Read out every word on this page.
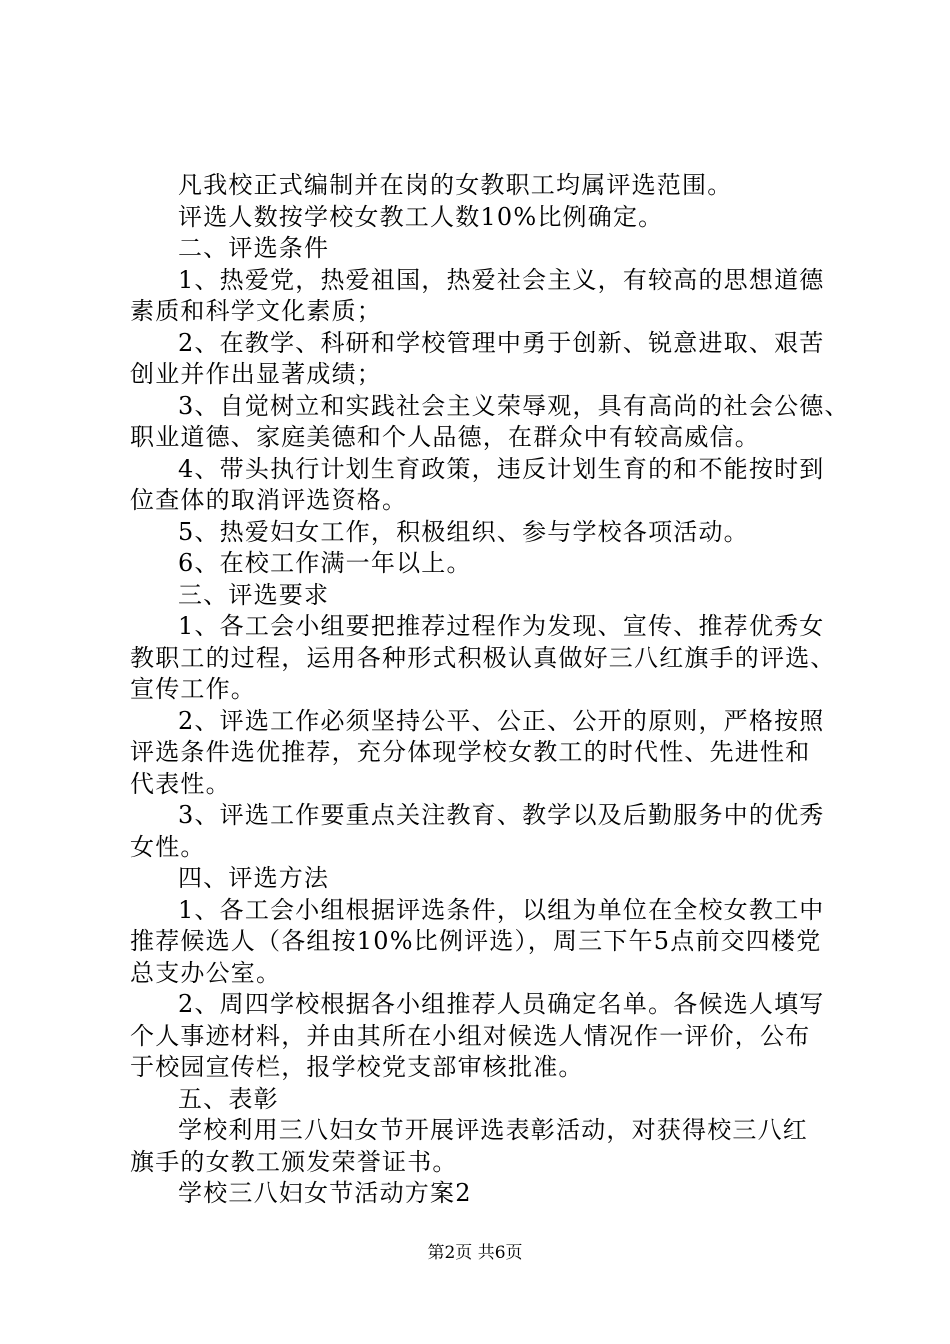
凡我校正式编制并在岗的女教职工均属评选范围。
评选人数按学校女教工人数10%比例确定。
二、评选条件
1、热爱党，热爱祖国，热爱社会主义，有较高的思想道德
素质和科学文化素质；
2、在教学、科研和学校管理中勇于创新、锐意进取、艰苦
创业并作出显著成绩；
3、自觉树立和实践社会主义荣辱观，具有高尚的社会公德、
职业道德、家庭美德和个人品德，在群众中有较高威信。
4、带头执行计划生育政策，违反计划生育的和不能按时到
位查体的取消评选资格。
5、热爱妇女工作，积极组织、参与学校各项活动。
6、在校工作满一年以上。
三、评选要求
1、各工会小组要把推荐过程作为发现、宣传、推荐优秀女
教职工的过程，运用各种形式积极认真做好三八红旗手的评选、
宣传工作。
2、评选工作必须坚持公平、公正、公开的原则，严格按照
评选条件选优推荐，充分体现学校女教工的时代性、先进性和
代表性。
3、评选工作要重点关注教育、教学以及后勤服务中的优秀
女性。
四、评选方法
1、各工会小组根据评选条件，以组为单位在全校女教工中
推荐候选人（各组按10%比例评选），周三下午5点前交四楼党
总支办公室。
2、周四学校根据各小组推荐人员确定名单。各候选人填写
个人事迹材料，并由其所在小组对候选人情况作一评价，公布
于校园宣传栏，报学校党支部审核批准。
五、表彰
学校利用三八妇女节开展评选表彰活动，对获得校三八红
旗手的女教工颁发荣誉证书。
学校三八妇女节活动方案2
第2页 共6页
